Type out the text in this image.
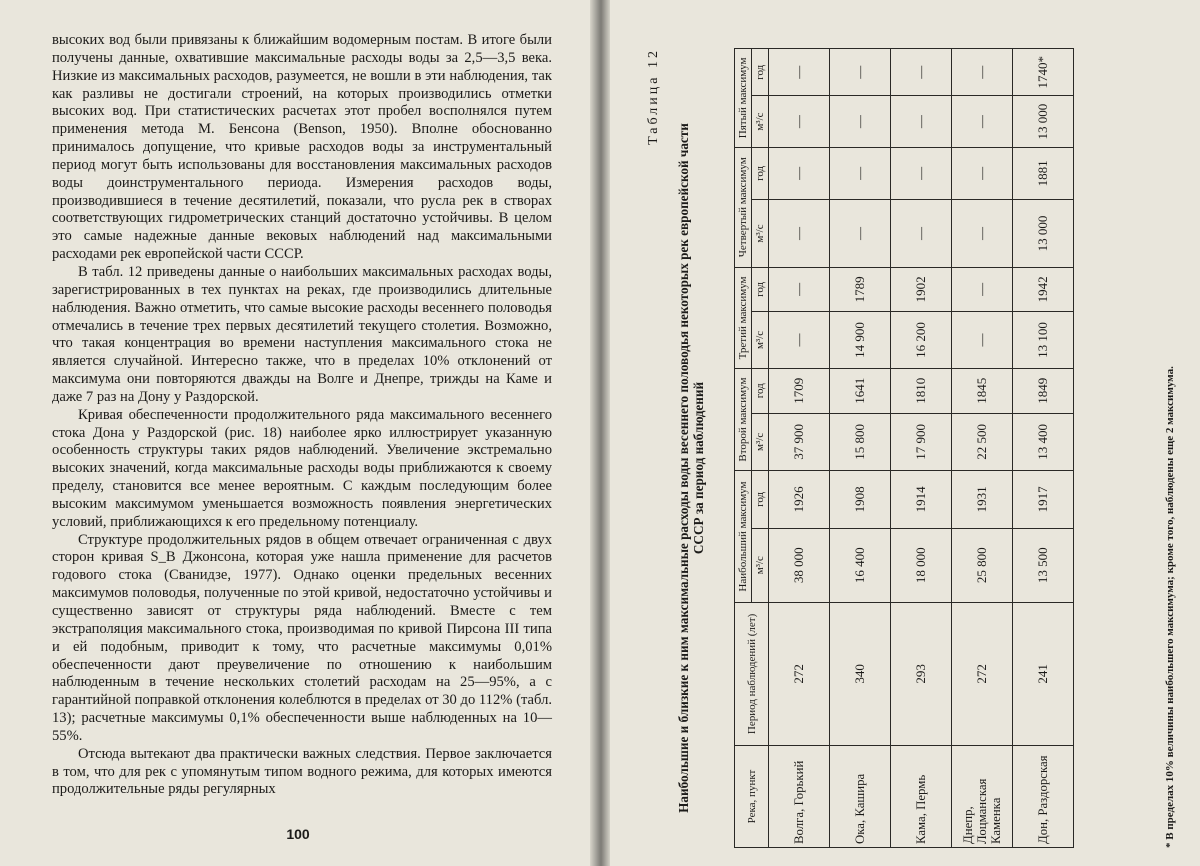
высоких вод были привязаны к ближайшим водомерным постам. В итоге были получены данные, охватившие максимальные расходы воды за 2,5—3,5 века. Низкие из максимальных расходов, разумеется, не вошли в эти наблюдения, так как разливы не достигали строений, на которых производились отметки высоких вод. При статистических расчетах этот пробел восполнялся путем применения метода М. Бенсона (Benson, 1950). Вполне обоснованно принималось допущение, что кривые расходов воды за инструментальный период могут быть использованы для восстановления максимальных расходов воды доинструментального периода. Измерения расходов воды, производившиеся в течение десятилетий, показали, что русла рек в створах соответствующих гидрометрических станций достаточно устойчивы. В целом это самые надежные данные вековых наблюдений над максимальными расходами рек европейской части СССР.

В табл. 12 приведены данные о наибольших максимальных расходах воды, зарегистрированных в тех пунктах на реках, где производились длительные наблюдения. Важно отметить, что самые высокие расходы весеннего половодья отмечались в течение трех первых десятилетий текущего столетия. Возможно, что такая концентрация во времени наступления максимального стока не является случайной. Интересно также, что в пределах 10% отклонений от максимума они повторяются дважды на Волге и Днепре, трижды на Каме и даже 7 раз на Дону у Раздорской.

Кривая обеспеченности продолжительного ряда максимального весеннего стока Дона у Раздорской (рис. 18) наиболее ярко иллюстрирует указанную особенность структуры таких рядов наблюдений. Увеличение экстремально высоких значений, когда максимальные расходы воды приближаются к своему пределу, становится все менее вероятным. С каждым последующим более высоким максимумом уменьшается возможность появления энергетических условий, приближающихся к его предельному потенциалу.

Структуре продолжительных рядов в общем отвечает ограниченная с двух сторон кривая S_B Джонсона, которая уже нашла применение для расчетов годового стока (Сванидзе, 1977). Однако оценки предельных весенних максимумов половодья, полученные по этой кривой, недостаточно устойчивы и существенно зависят от структуры ряда наблюдений. Вместе с тем экстраполяция максимального стока, производимая по кривой Пирсона III типа и ей подобным, приводит к тому, что расчетные максимумы 0,01% обеспеченности дают преувеличение по отношению к наибольшим наблюденным в течение нескольких столетий расходам на 25—95%, а с гарантийной поправкой отклонения колеблются в пределах от 30 до 112% (табл. 13); расчетные максимумы 0,1% обеспеченности выше наблюденных на 10—55%.

Отсюда вытекают два практически важных следствия. Первое заключается в том, что для рек с упомянутым типом водного режима, для которых имеются продолжительные ряды регулярных

100
Таблица 12
Наибольшие и близкие к ним максимальные расходы воды весеннего половодья некоторых рек европейской части СССР за период наблюдений
Река, пункт	Период наблюдений (лет)	Наибольший максимум		Второй максимум		Третий максимум		Четвертый максимум		Пятый максимум	
		м³/с	год	м³/с	год	м³/с	год	м³/с	год	м³/с	год
Волга, Горький	272	38 000	1926	37 900	1709	—	—	—	—	—	—
Ока, Кашира	340	16 400	1908	15 800	1641	14 900	1789	—	—	—	—
Кама, Пермь	293	18 000	1914	17 900	1810	16 200	1902	—	—	—	—
Днепр, Лоцманская Каменка	272	25 800	1931	22 500	1845	—	—	—	—	—	—
Дон, Раздорская	241	13 500	1917	13 400	1849	13 100	1942	13 000	1881	13 000	1740*
* В пределах 10% величины наибольшего максимума; кроме того, наблюдены еще 2 максимума.
